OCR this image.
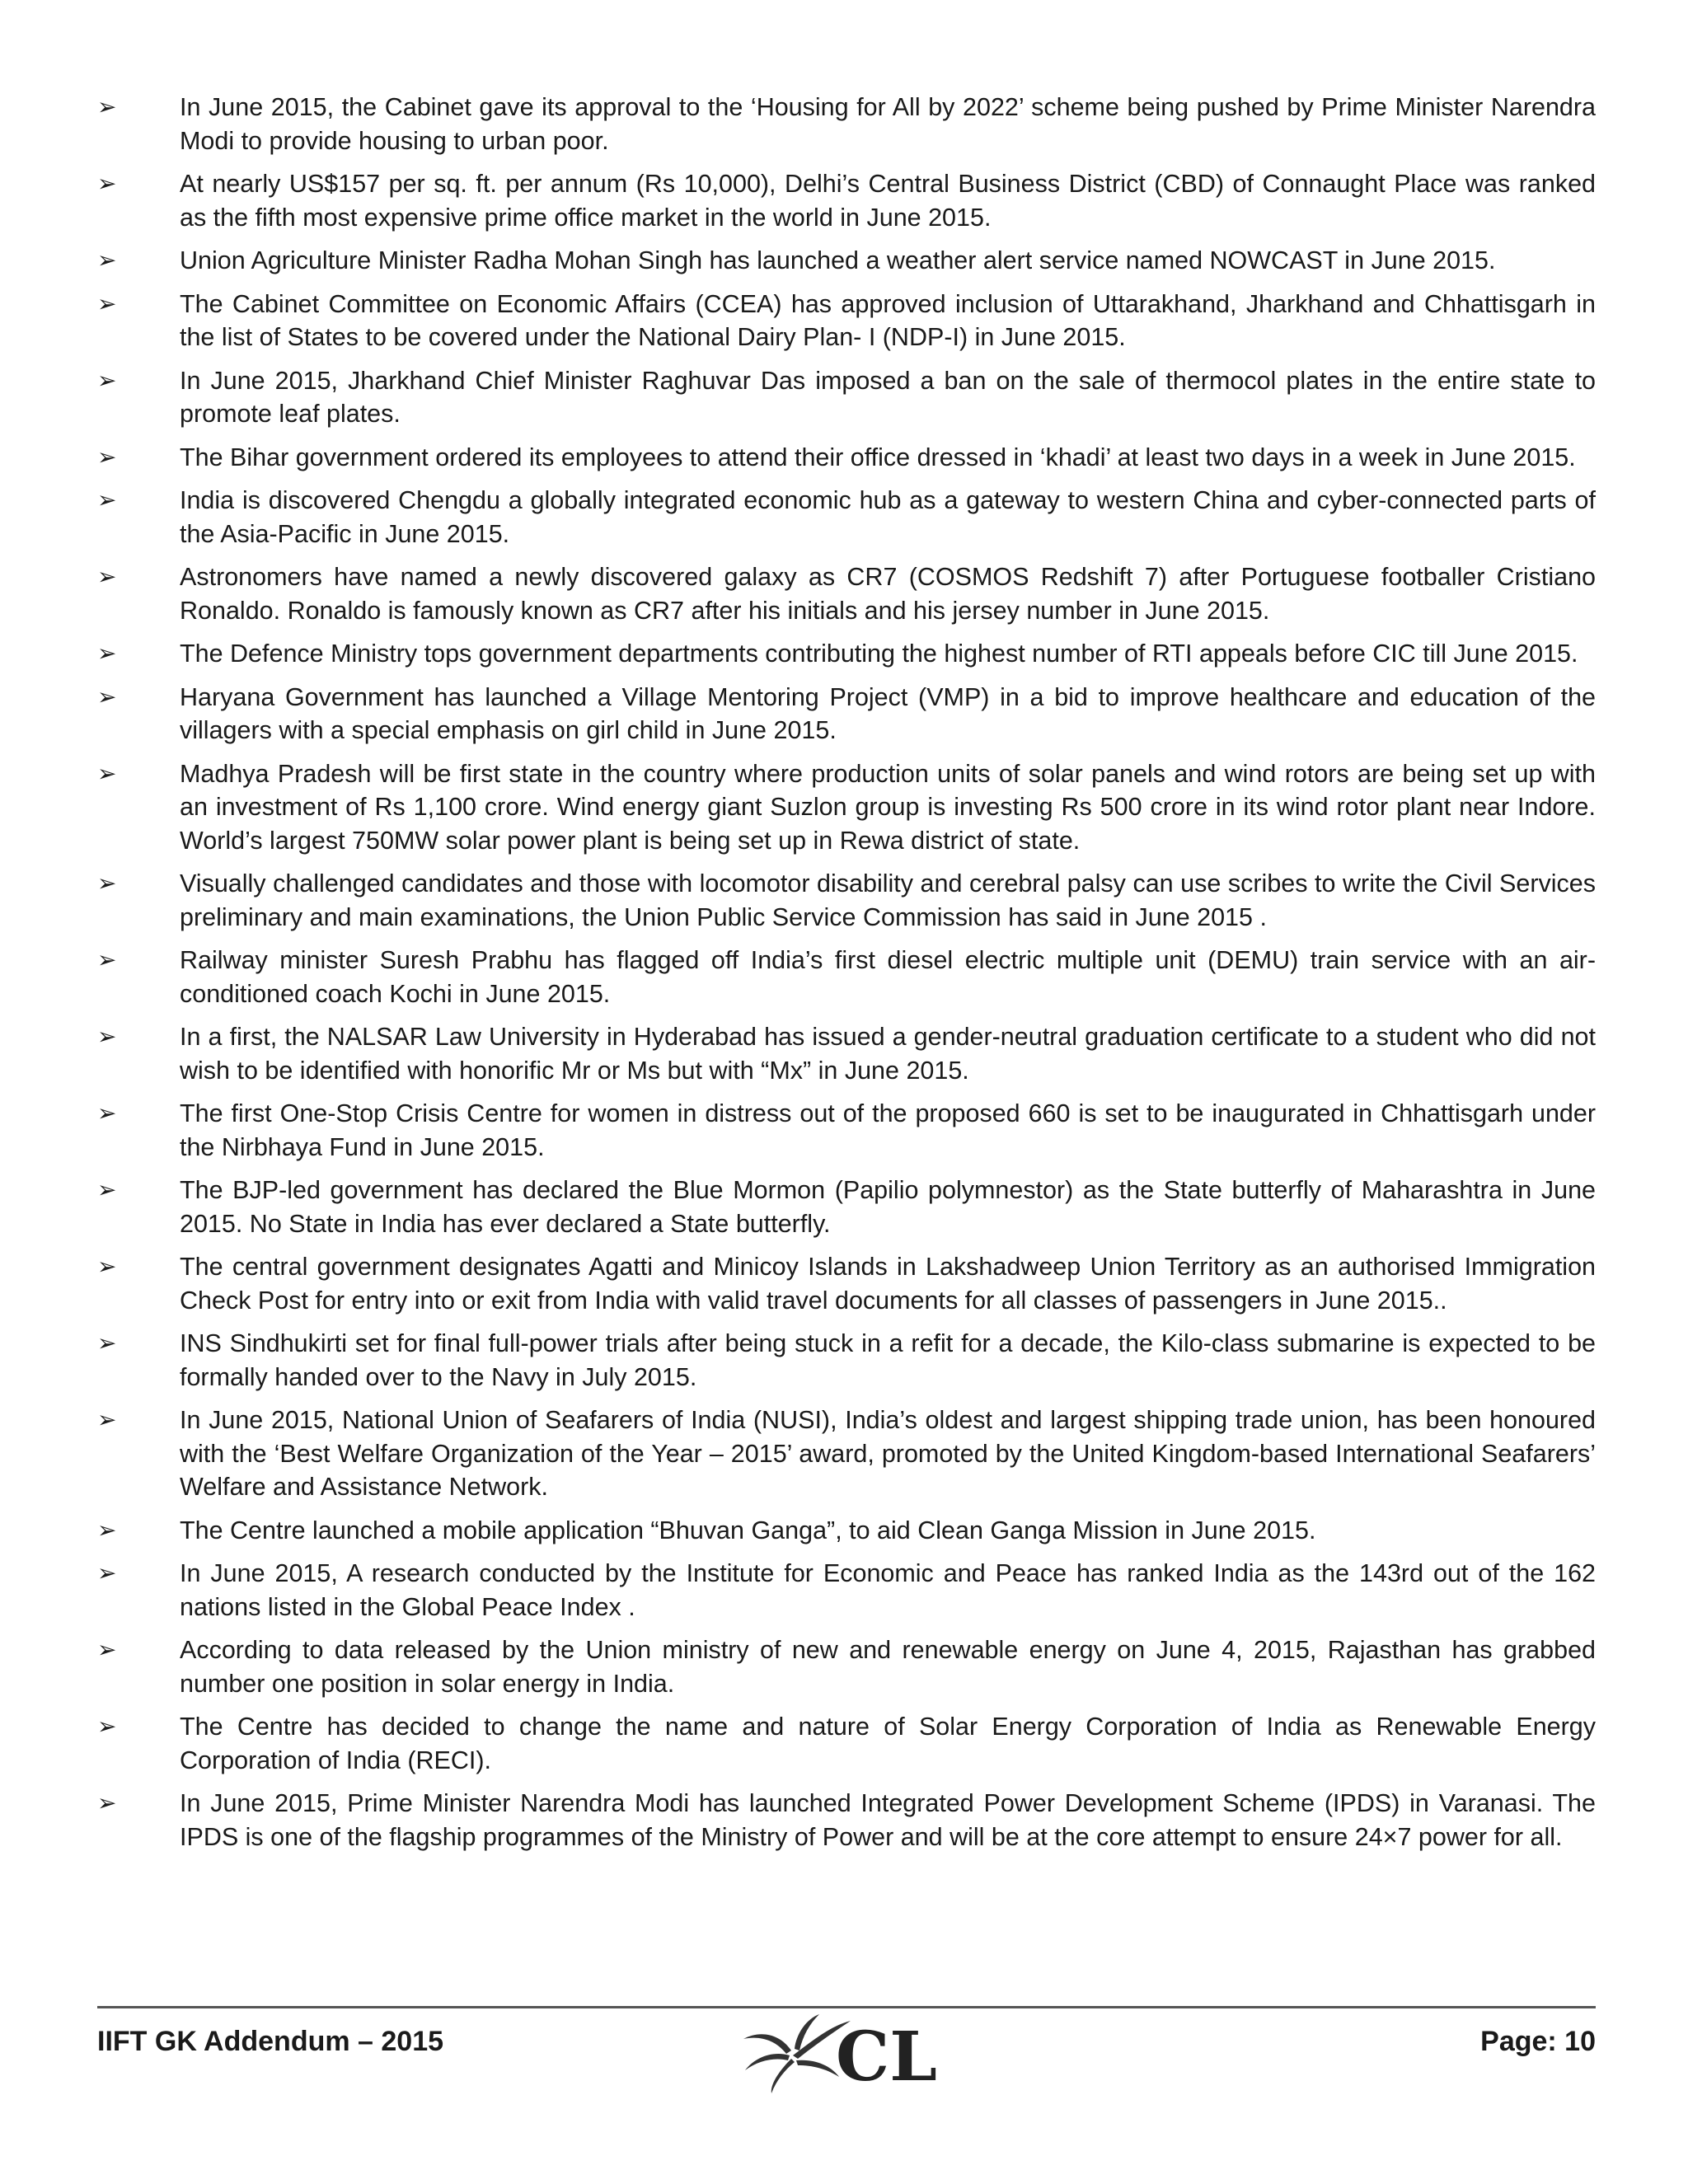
➢	In June 2015, the Cabinet gave its approval to the ‘Housing for All by 2022’ scheme being pushed by Prime Minister Narendra Modi to provide housing to urban poor.
➢	At nearly US$157 per sq. ft. per annum (Rs 10,000), Delhi’s Central Business District (CBD) of Connaught Place was ranked as the fifth most expensive prime office market in the world in June 2015.
➢	Union Agriculture Minister Radha Mohan Singh has launched a weather alert service named NOWCAST in June 2015.
➢	The Cabinet Committee on Economic Affairs (CCEA) has approved inclusion of Uttarakhand, Jharkhand and Chhattisgarh in the list of States to be covered under the National Dairy Plan- I (NDP-I) in June 2015.
➢	In June 2015, Jharkhand Chief Minister Raghuvar Das imposed a ban on the sale of thermocol plates in the entire state to promote leaf plates.
➢	The Bihar government ordered its employees to attend their office dressed in ‘khadi’ at least two days in a week in June 2015.
➢	India is discovered Chengdu a globally integrated economic hub as a gateway to western China and cyber-connected parts of the Asia-Pacific in June 2015.
➢	Astronomers have named a newly discovered galaxy as CR7 (COSMOS Redshift 7) after Portuguese footballer Cristiano Ronaldo. Ronaldo is famously known as CR7 after his initials and his jersey number in June 2015.
➢	The Defence Ministry tops government departments contributing the highest number of RTI appeals before CIC till June 2015.
➢	Haryana Government has launched a Village Mentoring Project (VMP) in a bid to improve healthcare and education of the villagers with a special emphasis on girl child in June 2015.
➢	Madhya Pradesh will be first state in the country where production units of solar panels and wind rotors are being set up with an investment of Rs 1,100 crore. Wind energy giant Suzlon group is investing Rs 500 crore in its wind rotor plant near Indore. World’s largest 750MW solar power plant is being set up in Rewa district of state.
➢	Visually challenged candidates and those with locomotor disability and cerebral palsy can use scribes to write the Civil Services preliminary and main examinations, the Union Public Service Commission has said in June 2015 .
➢	Railway minister Suresh Prabhu has flagged off India’s first diesel electric multiple unit (DEMU) train service with an air-conditioned coach Kochi in June 2015.
➢	In a first, the NALSAR Law University in Hyderabad has issued a gender-neutral graduation certificate to a student who did not wish to be identified with honorific Mr or Ms but with “Mx” in June 2015.
➢	The first One-Stop Crisis Centre for women in distress out of the proposed 660 is set to be inaugurated in Chhattisgarh under the Nirbhaya Fund in June 2015.
➢	The BJP-led government has declared the Blue Mormon (Papilio polymnestor) as the State butterfly of Maharashtra in June 2015. No State in India has ever declared a State butterfly.
➢	The central government designates Agatti and Minicoy Islands in Lakshadweep Union Territory as an authorised Immigration Check Post for entry into or exit from India with valid travel documents for all classes of passengers in June 2015..
➢	INS Sindhukirti set for final full-power trials after being stuck in a refit for a decade, the Kilo-class submarine is expected to be formally handed over to the Navy in July 2015.
➢	In June 2015, National Union of Seafarers of India (NUSI), India’s oldest and largest shipping trade union, has been honoured with the ‘Best Welfare Organization of the Year – 2015’ award, promoted by the United Kingdom-based International Seafarers’ Welfare and Assistance Network.
➢	The Centre launched a mobile application “Bhuvan Ganga”, to aid Clean Ganga Mission in June 2015.
➢	In June 2015, A research conducted by the Institute for Economic and Peace has ranked India as the 143rd out of the 162 nations listed in the Global Peace Index .
➢	According to data released by the Union ministry of new and renewable energy on June 4, 2015, Rajasthan has grabbed number one position in solar energy in India.
➢	The Centre has decided to change the name and nature of Solar Energy Corporation of India as Renewable Energy Corporation of India (RECI).
➢	In June 2015, Prime Minister Narendra Modi has launched Integrated Power Development Scheme (IPDS) in Varanasi. The IPDS is one of the flagship programmes of the Ministry of Power and will be at the core attempt to ensure 24×7 power for all.
IIFT GK Addendum – 2015	CL	Page: 10
